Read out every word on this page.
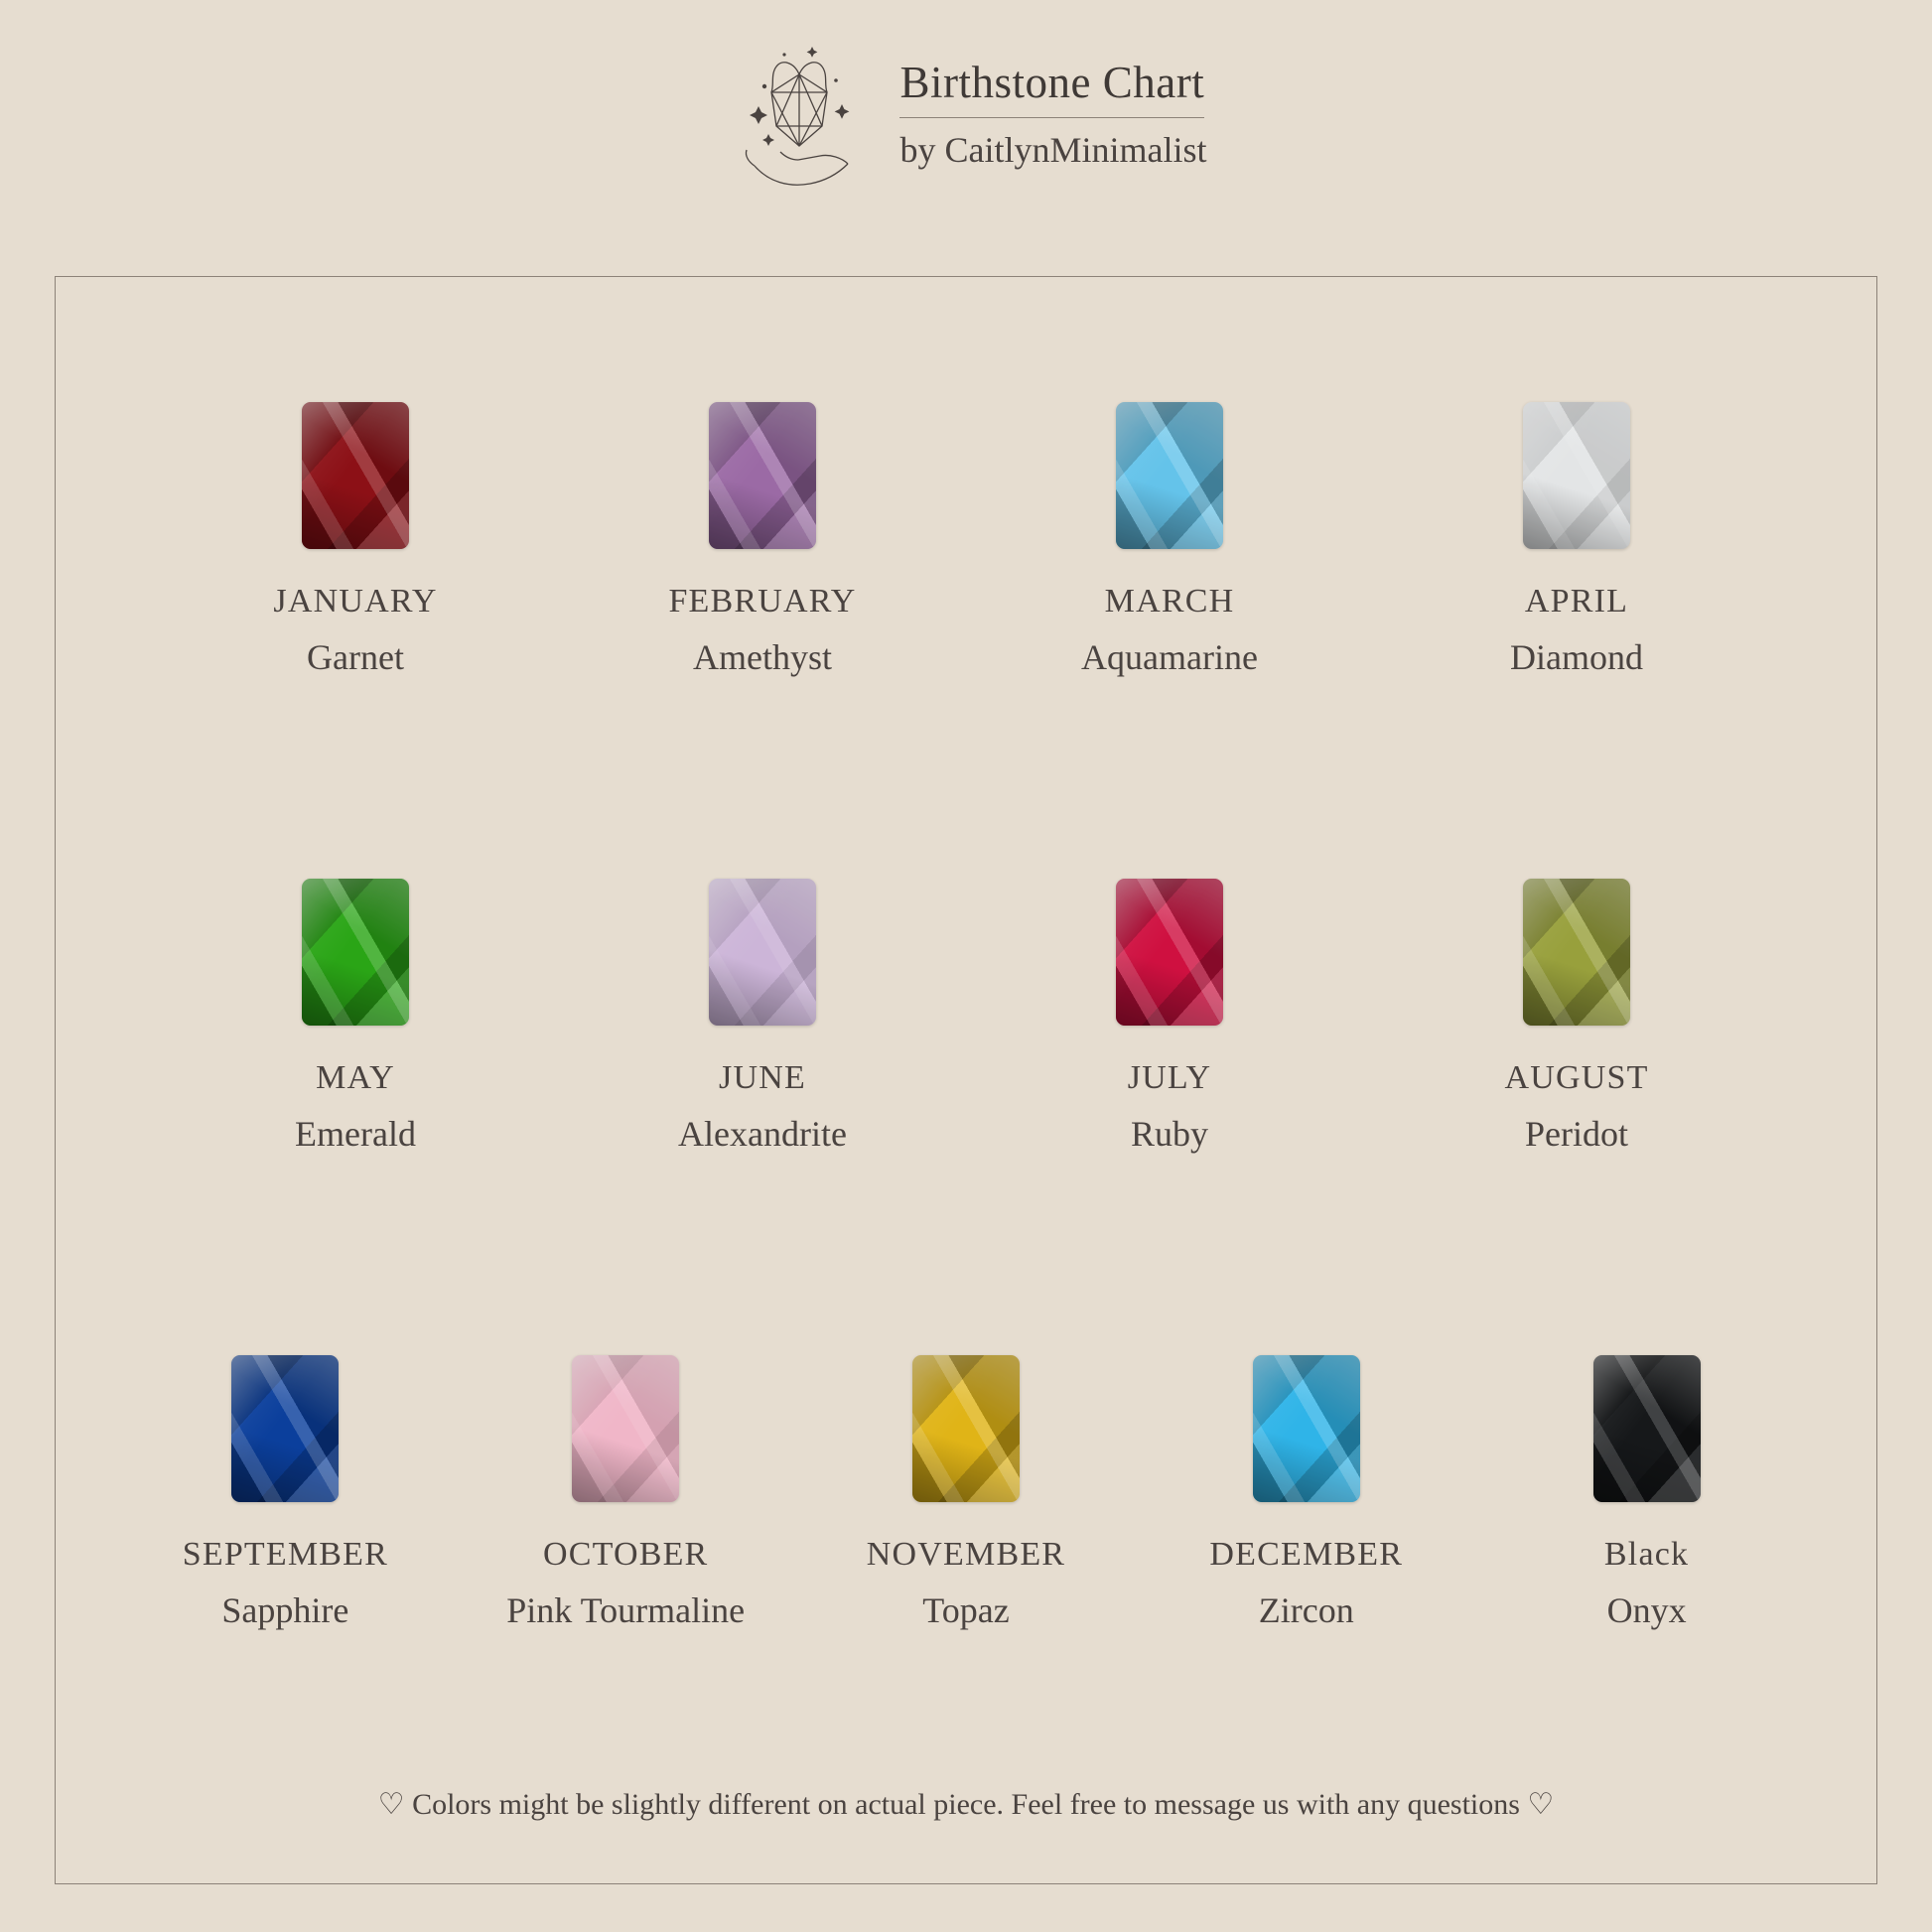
Birthstone Chart
by CaitlynMinimalist
JANUARY
Garnet
FEBRUARY
Amethyst
MARCH
Aquamarine
APRIL
Diamond
MAY
Emerald
JUNE
Alexandrite
JULY
Ruby
AUGUST
Peridot
SEPTEMBER
Sapphire
OCTOBER
Pink Tourmaline
NOVEMBER
Topaz
DECEMBER
Zircon
Black
Onyx
♡ Colors might be slightly different on actual piece. Feel free to message us with any questions ♡
